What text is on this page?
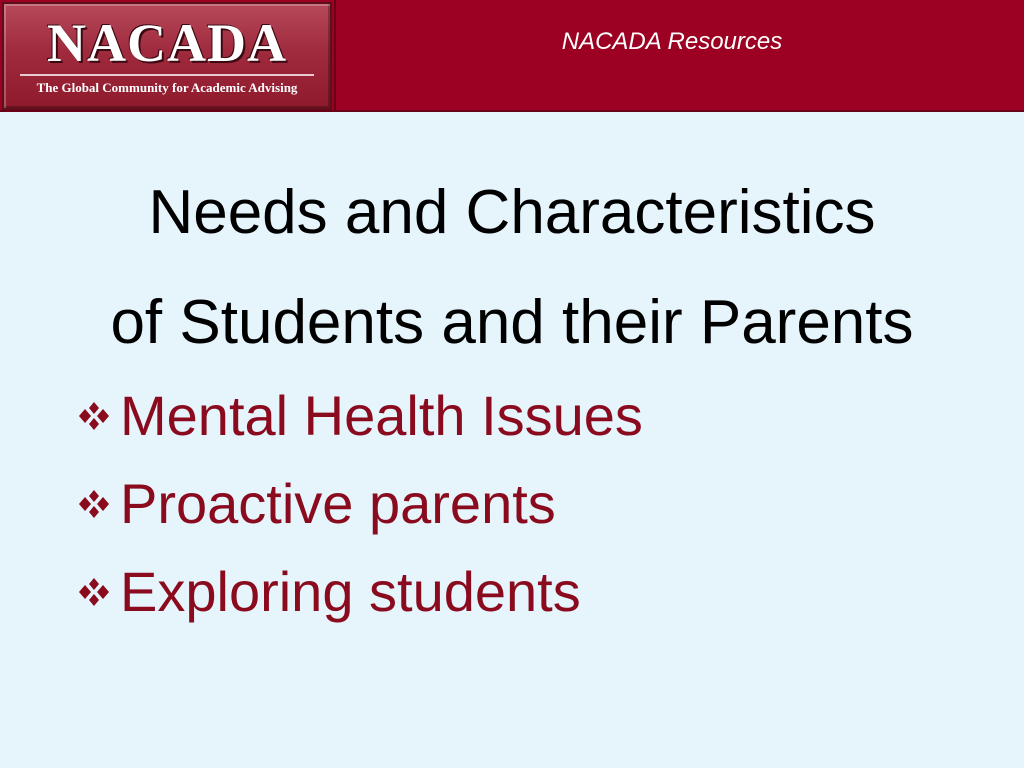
NACADA
The Global Community for Academic Advising
NACADA Resources
Needs and Characteristics
of Students and their Parents
Mental Health Issues
Proactive parents
Exploring students
